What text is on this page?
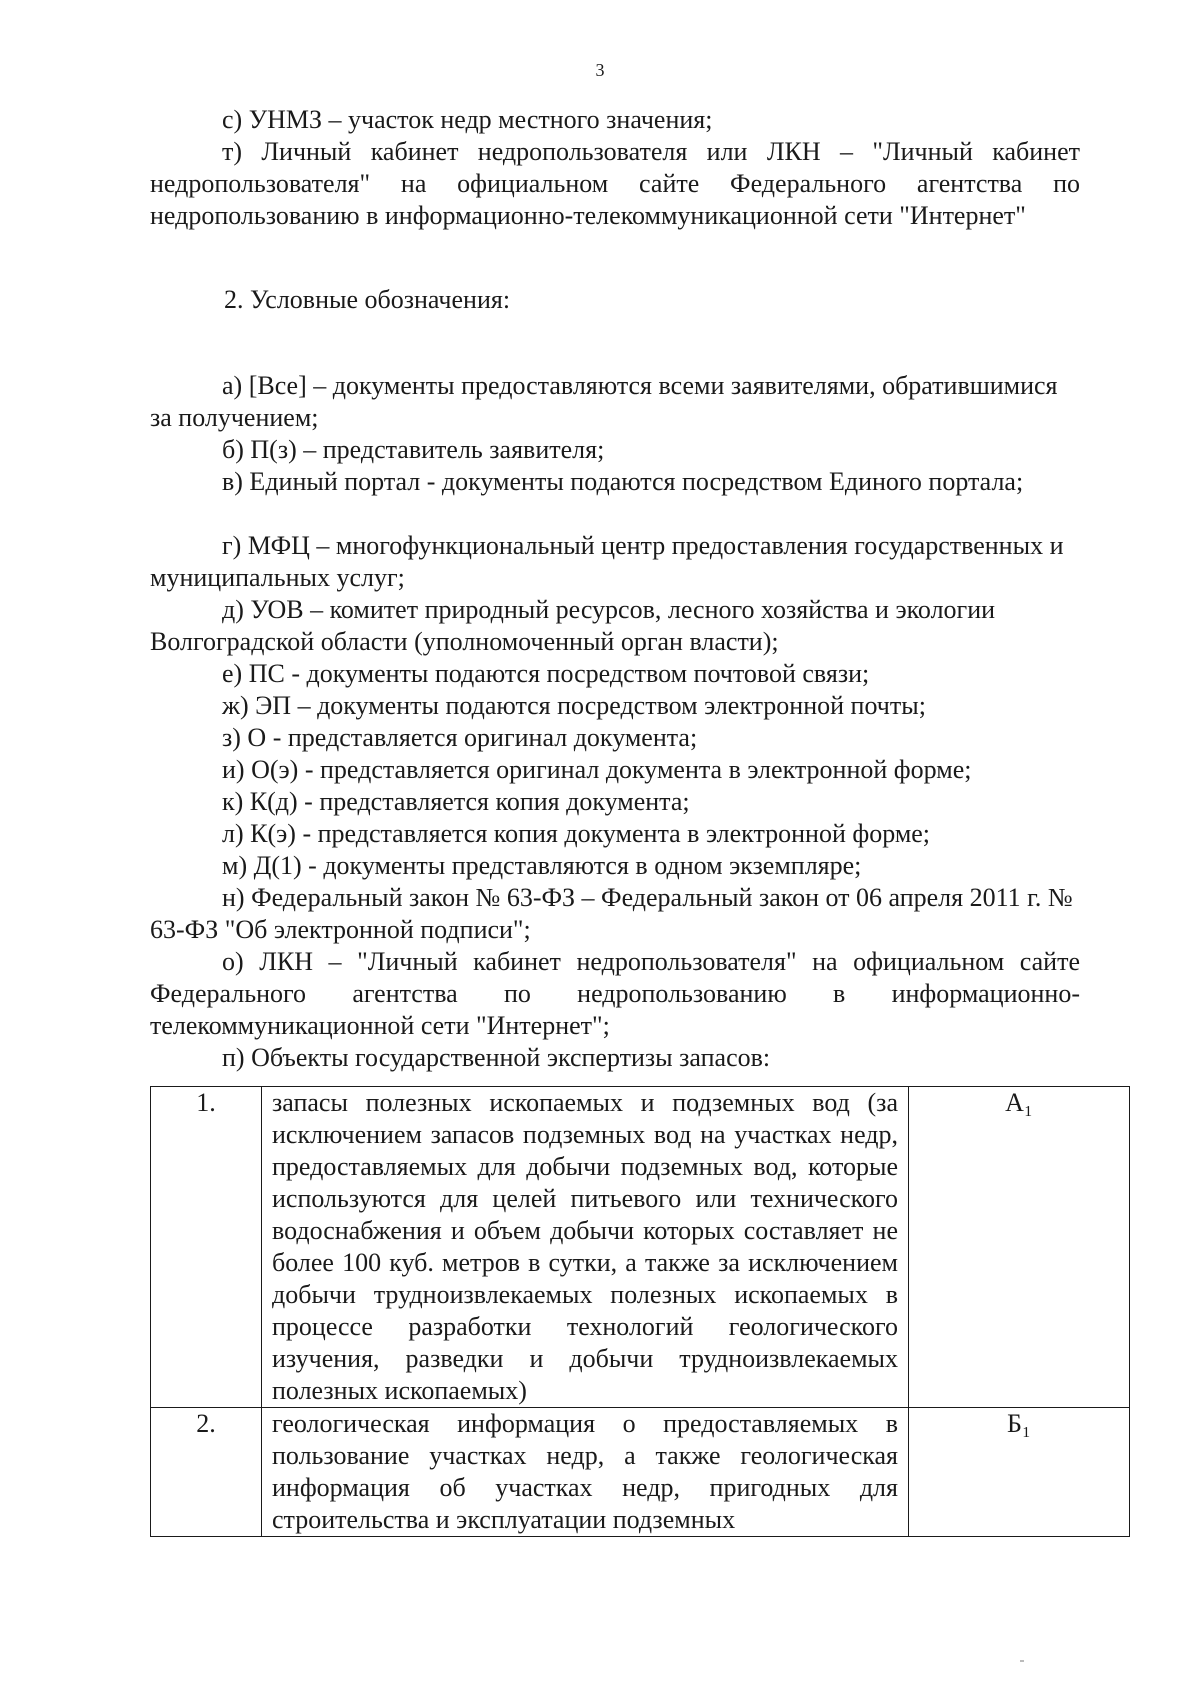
3

с) УНМЗ – участок недр местного значения;

т) Личный кабинет недропользователя или ЛКН – "Личный кабинет недропользователя" на официальном сайте Федерального агентства по недропользованию в информационно-телекоммуникационной сети "Интернет"

2. Условные обозначения:

а) [Все] – документы предоставляются всеми заявителями, обратившимися за получением;

б) П(з) – представитель заявителя;

в) Единый портал - документы подаются посредством Единого портала;

г) МФЦ – многофункциональный центр предоставления государственных и муниципальных услуг;

д) УОВ – комитет природный ресурсов, лесного хозяйства и экологии Волгоградской области (уполномоченный орган власти);

е) ПС - документы подаются посредством почтовой связи;

ж) ЭП – документы подаются посредством электронной почты;

з) О - представляется оригинал документа;

и) О(э) - представляется оригинал документа в электронной форме;

к) К(д) - представляется копия документа;

л) К(э) - представляется копия документа в электронной форме;

м) Д(1) - документы представляются в одном экземпляре;

н) Федеральный закон № 63-ФЗ – Федеральный закон от 06 апреля 2011 г. № 63-ФЗ "Об электронной подписи";

о) ЛКН – "Личный кабинет недропользователя" на официальном сайте Федерального агентства по недропользованию в информационно-телекоммуникационной сети "Интернет";

п) Объекты государственной экспертизы запасов:

1.	запасы полезных ископаемых и подземных вод (за исключением запасов подземных вод на участках недр, предоставляемых для добычи подземных вод, которые используются для целей питьевого или технического водоснабжения и объем добычи которых составляет не более 100 куб. метров в сутки, а также за исключением добычи трудноизвлекаемых полезных ископаемых в процессе разработки технологий геологического изучения, разведки и добычи трудноизвлекаемых полезных ископаемых)	А₁
2.	геологическая информация о предоставляемых в пользование участках недр, а также геологическая информация об участках недр, пригодных для строительства и эксплуатации подземных	Б₁
